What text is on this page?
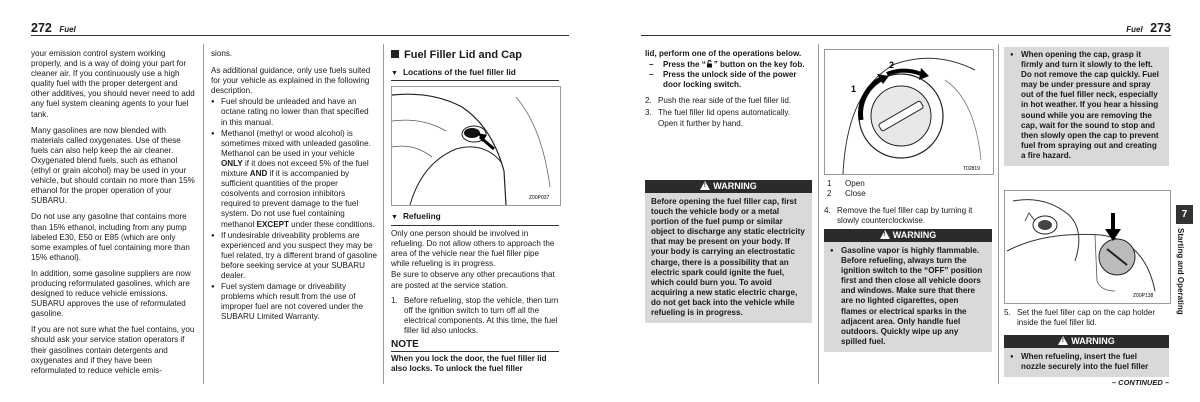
272 Fuel

your emission control system working properly, and is a way of doing your part for cleaner air. If you continuously use a high quality fuel with the proper detergent and other additives, you should never need to add any fuel system cleaning agents to your fuel tank.

Many gasolines are now blended with materials called oxygenates. Use of these fuels can also help keep the air cleaner. Oxygenated blend fuels, such as ethanol (ethyl or grain alcohol) may be used in your vehicle, but should contain no more than 15% ethanol for the proper operation of your SUBARU.

Do not use any gasoline that contains more than 15% ethanol, including from any pump labeled E30, E50 or E85 (which are only some examples of fuel containing more than 15% ethanol).

In addition, some gasoline suppliers are now producing reformulated gasolines, which are designed to reduce vehicle emissions. SUBARU approves the use of reformulated gasoline.

If you are not sure what the fuel contains, you should ask your service station operators if their gasolines contain detergents and oxygenates and if they have been reformulated to reduce vehicle emis-

sions.

As additional guidance, only use fuels suited for your vehicle as explained in the following description.

● Fuel should be unleaded and have an octane rating no lower than that specified in this manual.
● Methanol (methyl or wood alcohol) is sometimes mixed with unleaded gasoline. Methanol can be used in your vehicle ONLY if it does not exceed 5% of the fuel mixture AND if it is accompanied by sufficient quantities of the proper cosolvents and corrosion inhibitors required to prevent damage to the fuel system. Do not use fuel containing methanol EXCEPT under these conditions.
● If undesirable driveability problems are experienced and you suspect they may be fuel related, try a different brand of gasoline before seeking service at your SUBARU dealer.
● Fuel system damage or driveability problems which result from the use of improper fuel are not covered under the SUBARU Limited Warranty.
Fuel Filler Lid and Cap
▼ Locations of the fuel filler lid
Z00P037
▼ Refueling

Only one person should be involved in refueling. Do not allow others to approach the area of the vehicle near the fuel filler pipe while refueling is in progress.

Be sure to observe any other precautions that are posted at the service station.

1. Before refueling, stop the vehicle, then turn off the ignition switch to turn off all the electrical components. At this time, the fuel filler lid also unlocks.
NOTE
When you lock the door, the fuel filler lid also locks. To unlock the fuel filler
Fuel 273
lid, perform one of the operations below.
– Press the “ ” button on the key fob.
– Press the unlock side of the power door locking switch.
2. Push the rear side of the fuel filler lid.
3. The fuel filler lid opens automatically. Open it further by hand.
! WARNING
Before opening the fuel filler cap, first touch the vehicle body or a metal portion of the fuel pump or similar object to discharge any static electricity that may be present on your body. If your body is carrying an electrostatic charge, there is a possibility that an electric spark could ignite the fuel, which could burn you. To avoid acquiring a new static electric charge, do not get back into the vehicle while refueling is in progress.
1
2
T02819
1 Open
2 Close
4. Remove the fuel filler cap by turning it slowly counterclockwise.
! WARNING
● Gasoline vapor is highly flammable. Before refueling, always turn the ignition switch to the “OFF” position first and then close all vehicle doors and windows. Make sure that there are no lighted cigarettes, open flames or electrical sparks in the adjacent area. Only handle fuel outdoors. Quickly wipe up any spilled fuel.
● When opening the cap, grasp it firmly and turn it slowly to the left. Do not remove the cap quickly. Fuel may be under pressure and spray out of the fuel filler neck, especially in hot weather. If you hear a hissing sound while you are removing the cap, wait for the sound to stop and then slowly open the cap to prevent fuel from spraying out and creating a fire hazard.
Z00P138
5. Set the fuel filler cap on the cap holder inside the fuel filler lid.
! WARNING
● When refueling, insert the fuel nozzle securely into the fuel filler
– CONTINUED –
7
Starting and Operating
